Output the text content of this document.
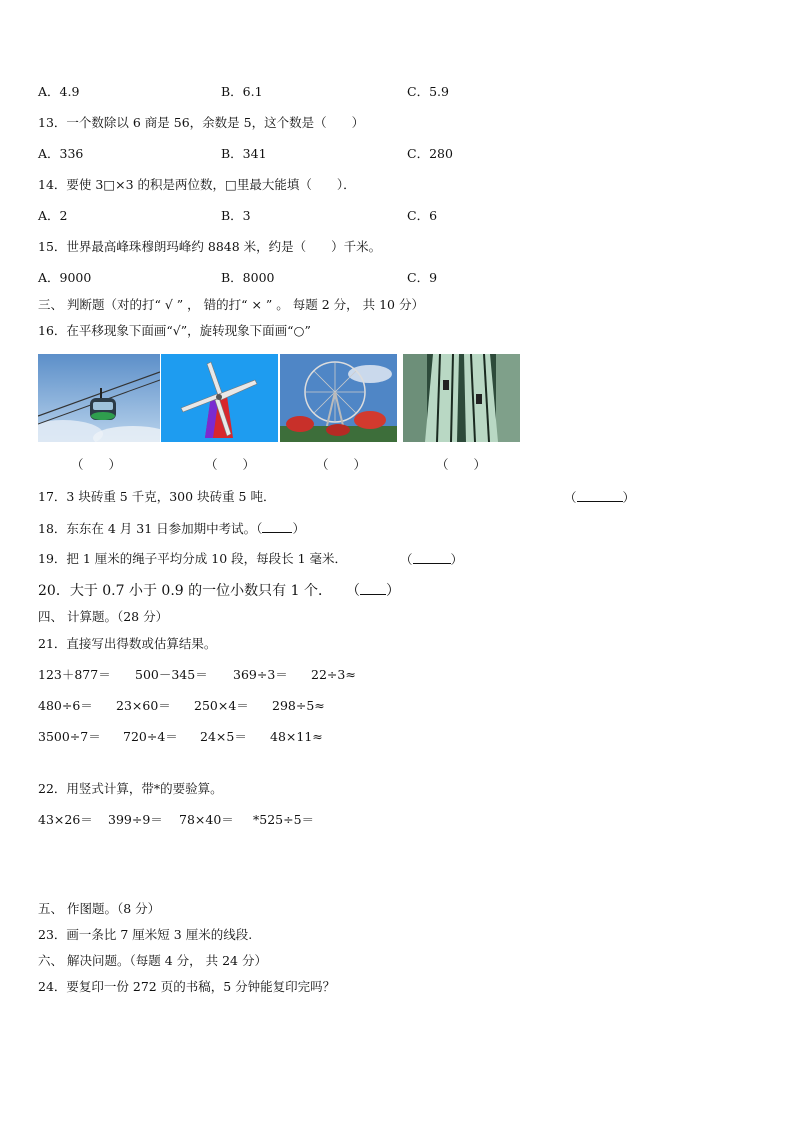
A．4.9	B．6.1	C．5.9
13．一个数除以 6 商是 56，余数是 5，这个数是（　　）
A．336	B．341	C．280
14．要使 3□×3 的积是两位数，□里最大能填（　　）．
A．2	B．3	C．6
15．世界最高峰珠穆朗玛峰约 8848 米，约是（　　）千米。
A．9000	B．8000	C．9
三、 判断题（对的打“ √ ” ， 错的打“ × ” 。 每题 2 分， 共 10 分）
16．在平移现象下面画“√”，旋转现象下面画“○”
（　　）	（　　）	（　　）	（　　）
17．3 块砖重 5 千克，300 块砖重 5 吨．	（	）
18．东东在 4 月 31 日参加期中考试。（ ）
19．把 1 厘米的绳子平均分成 10 段，每段长 1 毫米．	（	）
20．大于 0.7 小于 0.9 的一位小数只有 1 个． （ ）
四、 计算题。（28 分）
21．直接写出得数或估算结果。
123＋877＝ 500－345＝ 369÷3＝ 22÷3≈
480÷6＝ 23×60＝ 250×4＝ 298÷5≈
3500÷7＝ 720÷4＝ 24×5＝ 48×11≈
22．用竖式计算，带*的要验算。
43×26＝ 399÷9＝ 78×40＝ *525÷5＝
五、 作图题。（8 分）
23．画一条比 7 厘米短 3 厘米的线段.
六、 解决问题。（每题 4 分， 共 24 分）
24．要复印一份 272 页的书稿，5 分钟能复印完吗？
